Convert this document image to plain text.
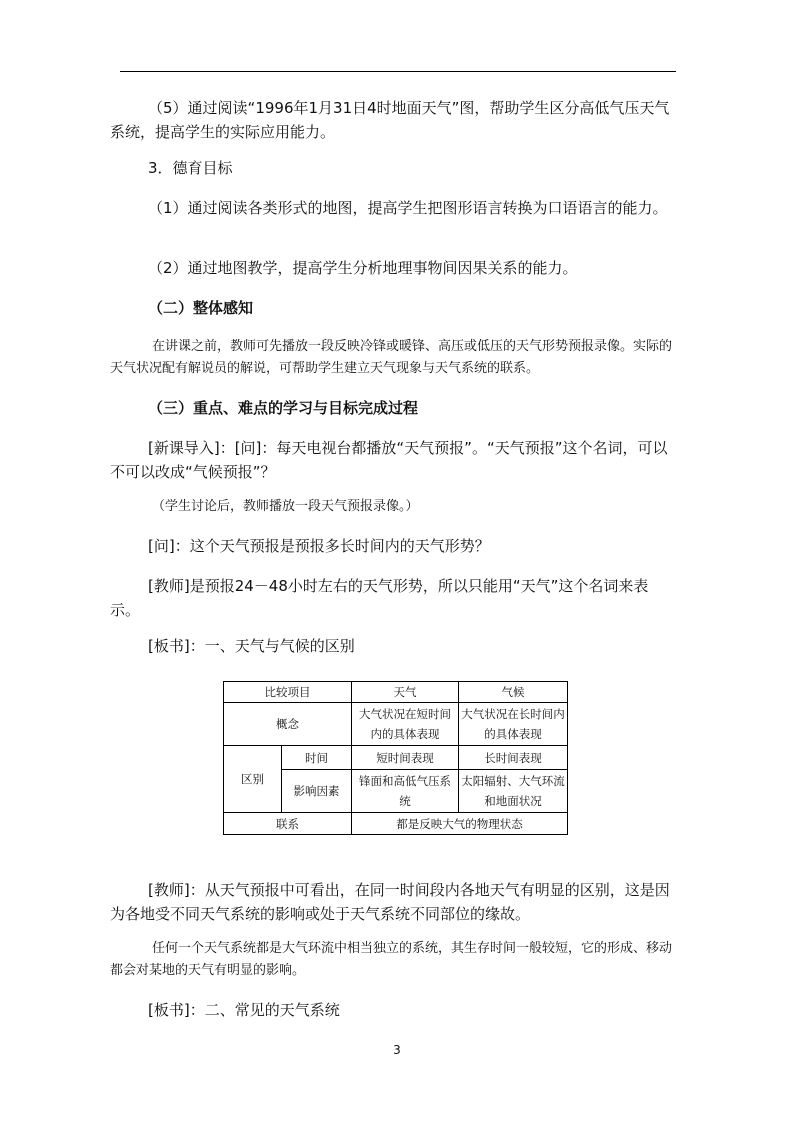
（5）通过阅读“1996年1月31日4时地面天气”图，帮助学生区分高低气压天气系统，提高学生的实际应用能力。

3．德育目标

（1）通过阅读各类形式的地图，提高学生把图形语言转换为口语语言的能力。

（2）通过地图教学，提高学生分析地理事物间因果关系的能力。

（二）整体感知

在讲课之前，教师可先播放一段反映冷锋或暖锋、高压或低压的天气形势预报录像。实际的天气状况配有解说员的解说，可帮助学生建立天气现象与天气系统的联系。

（三）重点、难点的学习与目标完成过程

[新课导入]：[问]：每天电视台都播放“天气预报”。“天气预报”这个名词，可以不可以改成“气候预报”？

（学生讨论后，教师播放一段天气预报录像。）

[问]：这个天气预报是预报多长时间内的天气形势？

[教师]是预报24－48小时左右的天气形势，所以只能用“天气”这个名词来表示。

[板书]：一、天气与气候的区别

比较项目		天气	气候
概念		大气状况在短时间内的具体表现	大气状况在长时间内的具体表现
区别	时间	短时间表现	长时间表现
	影响因素	锋面和高低气压系统	太阳辐射、大气环流和地面状况
联系		都是反映大气的物理状态	

[教师]：从天气预报中可看出，在同一时间段内各地天气有明显的区别，这是因为各地受不同天气系统的影响或处于天气系统不同部位的缘故。

任何一个天气系统都是大气环流中相当独立的系统，其生存时间一般较短，它的形成、移动都会对某地的天气有明显的影响。

[板书]：二、常见的天气系统

3
